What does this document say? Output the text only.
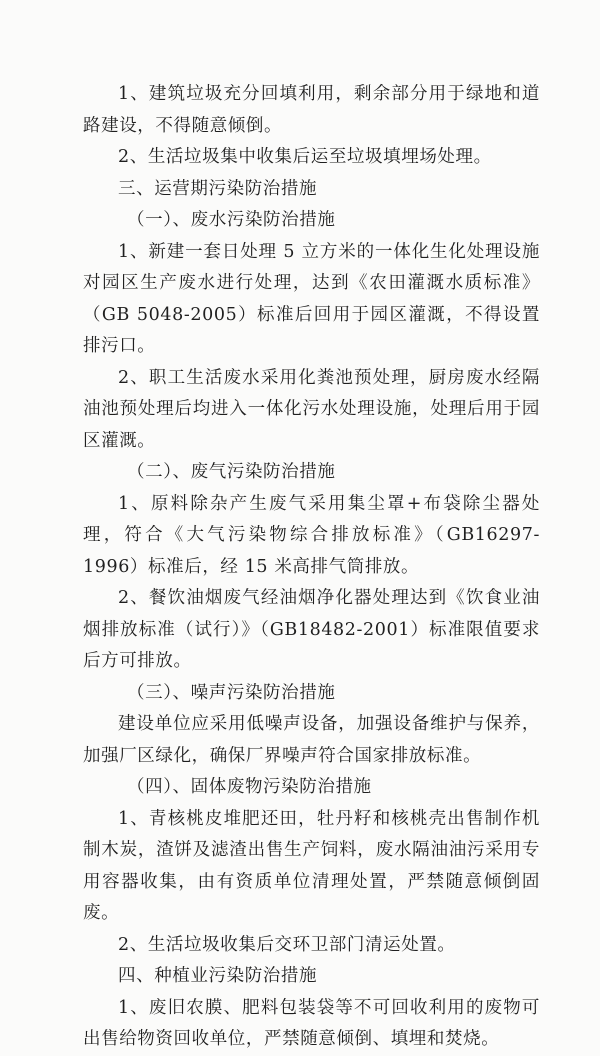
1、建筑垃圾充分回填利用，剩余部分用于绿地和道路建设，不得随意倾倒。

2、生活垃圾集中收集后运至垃圾填埋场处理。

三、运营期污染防治措施

（一）、废水污染防治措施

1、新建一套日处理 5 立方米的一体化生化处理设施对园区生产废水进行处理，达到《农田灌溉水质标准》（GB 5048-2005）标准后回用于园区灌溉，不得设置排污口。

2、职工生活废水采用化粪池预处理，厨房废水经隔油池预处理后均进入一体化污水处理设施，处理后用于园区灌溉。

（二）、废气污染防治措施

1、原料除杂产生废气采用集尘罩+布袋除尘器处理，符合《大气污染物综合排放标准》（GB16297-1996）标准后，经 15 米高排气筒排放。

2、餐饮油烟废气经油烟净化器处理达到《饮食业油烟排放标准（试行）》（GB18482-2001）标准限值要求后方可排放。

（三）、噪声污染防治措施

建设单位应采用低噪声设备，加强设备维护与保养，加强厂区绿化，确保厂界噪声符合国家排放标准。

（四）、固体废物污染防治措施

1、青核桃皮堆肥还田，牡丹籽和核桃壳出售制作机制木炭，渣饼及滤渣出售生产饲料，废水隔油油污采用专用容器收集，由有资质单位清理处置，严禁随意倾倒固废。

2、生活垃圾收集后交环卫部门清运处置。

四、种植业污染防治措施

1、废旧农膜、肥料包装袋等不可回收利用的废物可出售给物资回收单位，严禁随意倾倒、填埋和焚烧。
